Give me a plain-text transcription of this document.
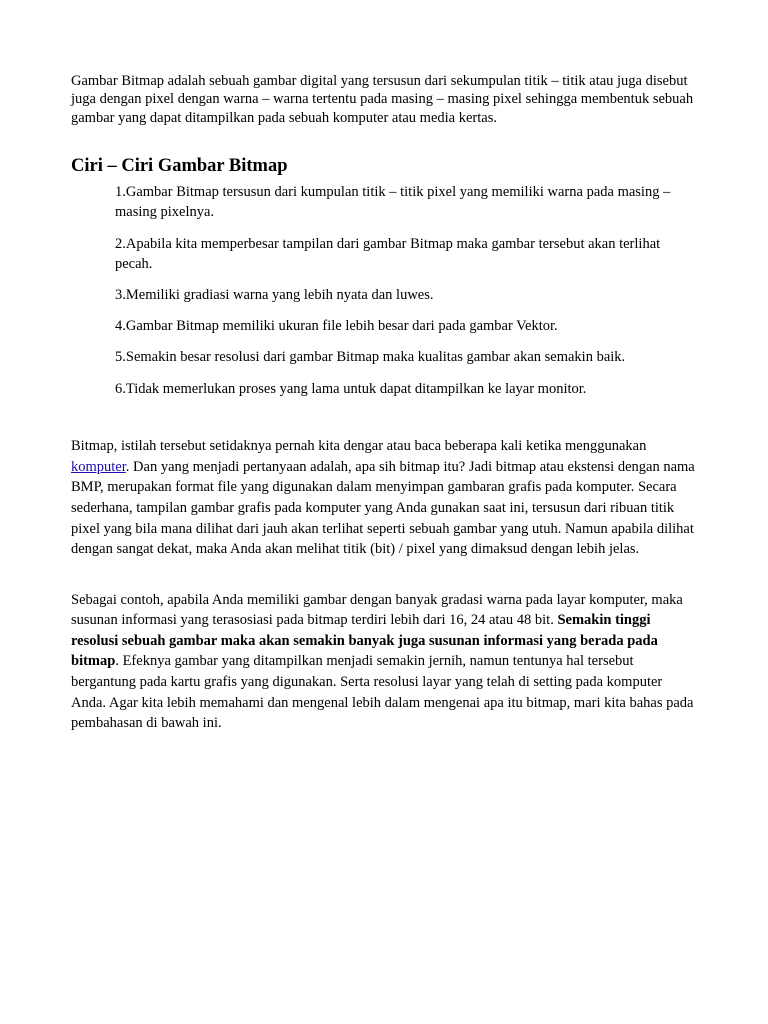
Gambar Bitmap adalah sebuah gambar digital yang tersusun dari sekumpulan titik – titik atau juga disebut juga dengan pixel dengan warna – warna tertentu pada masing – masing pixel sehingga membentuk sebuah gambar yang dapat ditampilkan pada sebuah komputer atau media kertas.

Ciri – Ciri Gambar Bitmap
1.Gambar Bitmap tersusun dari kumpulan titik – titik pixel yang memiliki warna pada masing – masing pixelnya.
2.Apabila kita memperbesar tampilan dari gambar Bitmap maka gambar tersebut akan terlihat pecah.
3.Memiliki gradiasi warna yang lebih nyata dan luwes.
4.Gambar Bitmap memiliki ukuran file lebih besar dari pada gambar Vektor.
5.Semakin besar resolusi dari gambar Bitmap maka kualitas gambar akan semakin baik.
6.Tidak memerlukan proses yang lama untuk dapat ditampilkan ke layar monitor.

Bitmap, istilah tersebut setidaknya pernah kita dengar atau baca beberapa kali ketika menggunakan komputer. Dan yang menjadi pertanyaan adalah, apa sih bitmap itu? Jadi bitmap atau ekstensi dengan nama BMP, merupakan format file yang digunakan dalam menyimpan gambaran grafis pada komputer. Secara sederhana, tampilan gambar grafis pada komputer yang Anda gunakan saat ini, tersusun dari ribuan titik pixel yang bila mana dilihat dari jauh akan terlihat seperti sebuah gambar yang utuh. Namun apabila dilihat dengan sangat dekat, maka Anda akan melihat titik (bit) / pixel yang dimaksud dengan lebih jelas.

Sebagai contoh, apabila Anda memiliki gambar dengan banyak gradasi warna pada layar komputer, maka susunan informasi yang terasosiasi pada bitmap terdiri lebih dari 16, 24 atau 48 bit. Semakin tinggi resolusi sebuah gambar maka akan semakin banyak juga susunan informasi yang berada pada bitmap. Efeknya gambar yang ditampilkan menjadi semakin jernih, namun tentunya hal tersebut bergantung pada kartu grafis yang digunakan. Serta resolusi layar yang telah di setting pada komputer Anda. Agar kita lebih memahami dan mengenal lebih dalam mengenai apa itu bitmap, mari kita bahas pada pembahasan di bawah ini.
